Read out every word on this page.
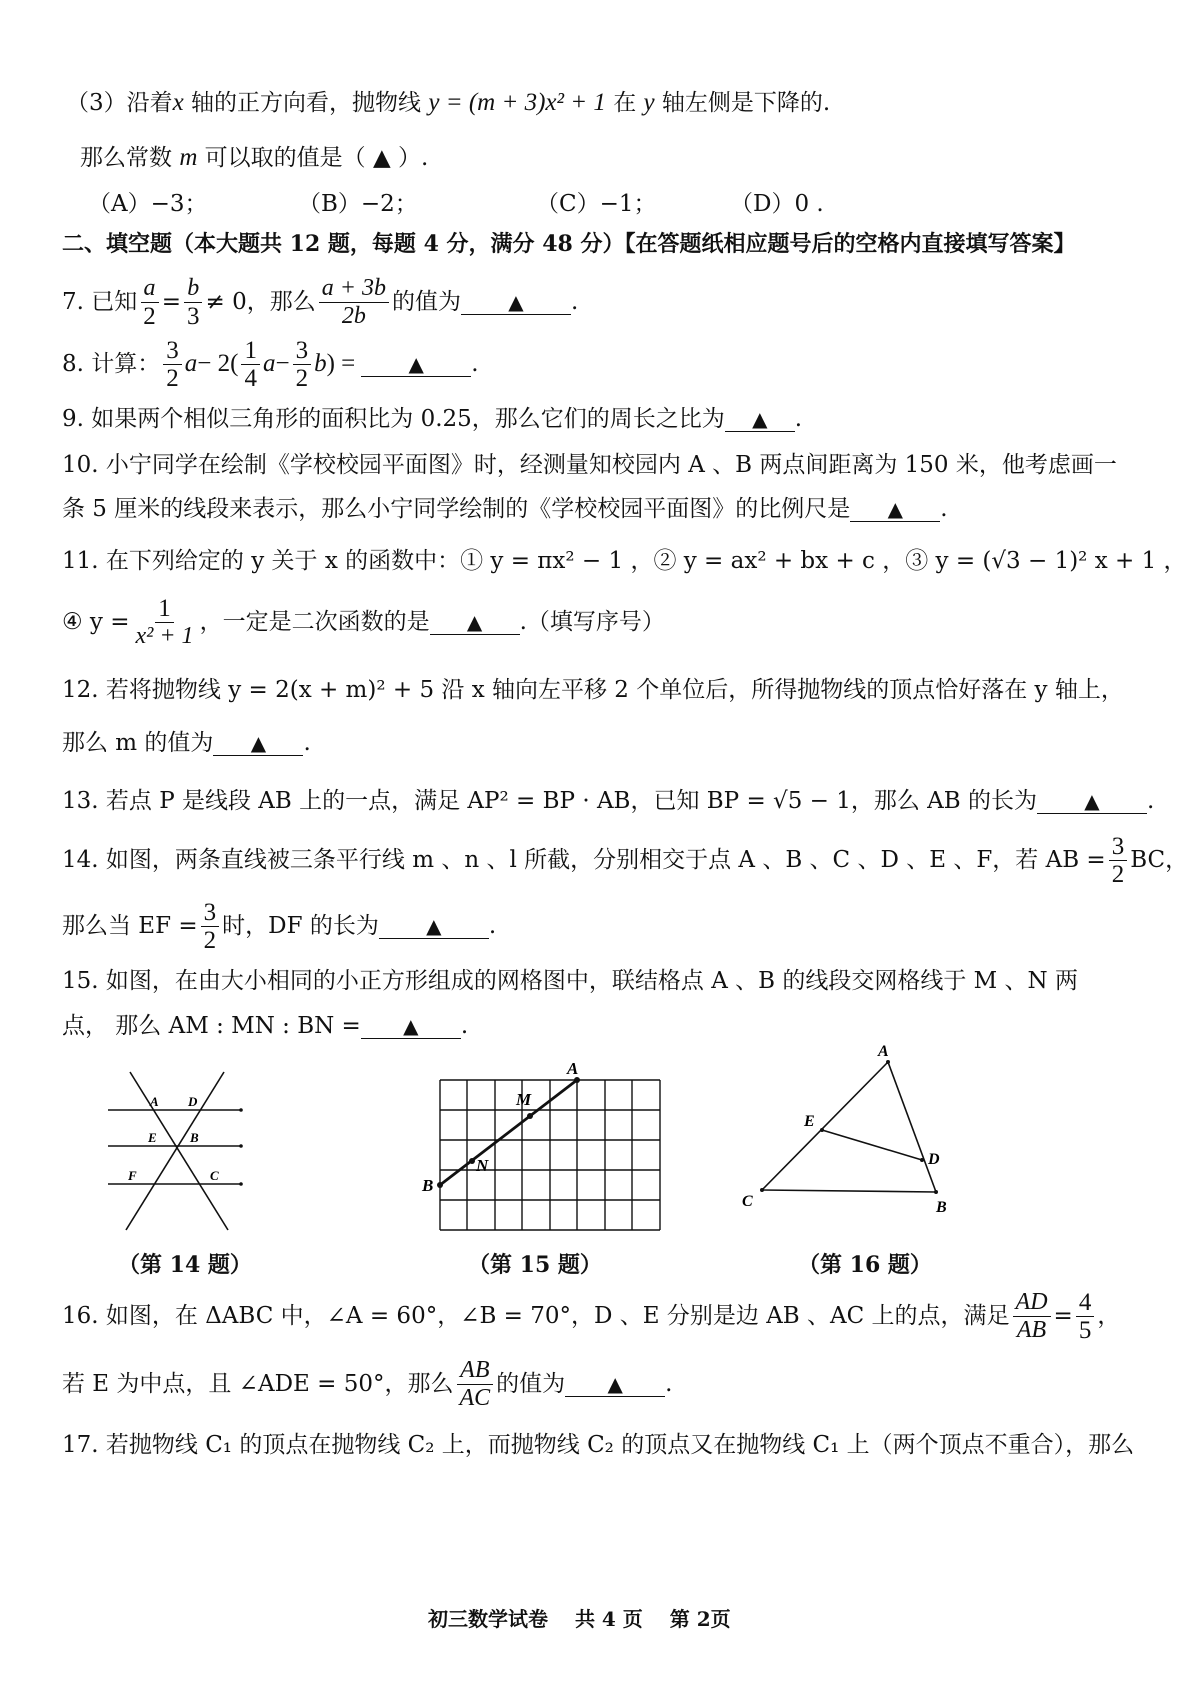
（3）沿着x 轴的正方向看，抛物线 y = (m + 3)x² + 1 在 y 轴左侧是下降的.
那么常数 m 可以取的值是（ ▲ ）.
（A）−3；	（B）−2；	（C）−1；	（D）0 .
二、填空题（本大题共 12 题，每题 4 分，满分 48 分）【在答题纸相应题号后的空格内直接填写答案】
7. 已知 $\frac{a}{2} = \frac{b}{3} \ne 0$，那么 $\frac{a + 3b}{2b}$ 的值为	▲	.
8. 计算： $\frac{3}{2}$ $a - 2( \frac{1}{4}$ $a - \frac{3}{2}$ b ) =	▲	.
9. 如果两个相似三角形的面积比为 0.25，那么它们的周长之比为 ▲ .
10. 小宁同学在绘制《学校校园平面图》时，经测量知校园内 A 、B 两点间距离为 150 米，他考虑画一
条 5 厘米的线段来表示，那么小宁同学绘制的《学校校园平面图》的比例尺是 ▲ .
11. 在下列给定的 y 关于 x 的函数中：① y = πx² − 1 ，② y = ax² + bx + c ，③ y = (√3 − 1)² x + 1 ，
④ $y = \frac{1}{\text{x² + 1}}$ ，一定是二次函数的是	▲	.（填写序号）
12. 若将抛物线 y = 2(x + m)² + 5 沿 x 轴向左平移 2 个单位后，所得抛物线的顶点恰好落在 y 轴上，
那么 m 的值为 ▲ .
13. 若点 P 是线段 AB 上的一点，满足 AP² = BP · AB，已知 BP = √5 − 1，那么 AB 的长为 ▲ .
14. 如图，两条直线被三条平行线 m 、n 、l 所截，分别相交于点 A 、B 、C 、D 、E 、F，若 AB = $\frac{3}{2}$ BC，
那么当 EF = $\frac{3}{2}$ 时，DF 的长为	▲	.
15. 如图，在由大小相同的小正方形组成的网格图中，联结格点 A 、B 的线段交网格线于 M 、N 两
点， 那么 AM : MN : BN = ▲ .
A D
E	B
F	C
（第 14 题）
A
M
N
B
（第 15 题）
A
E
D
C	B
（第 16 题）
16. 如图，在 ΔABC 中，∠A = 60°，∠B = 70°，D 、E 分别是边 AB 、AC 上的点，满足 $\frac{AD}{AB} = \frac{4}{5}$ ，
若 E 为中点，且 ∠ADE = 50°，那么 $\frac{AB}{AC}$ 的值为	▲	.
17. 若抛物线 C₁ 的顶点在抛物线 C₂ 上，而抛物线 C₂ 的顶点又在抛物线 C₁ 上（两个顶点不重合），那么
初三数学试卷　 共 4 页　 第 2页
